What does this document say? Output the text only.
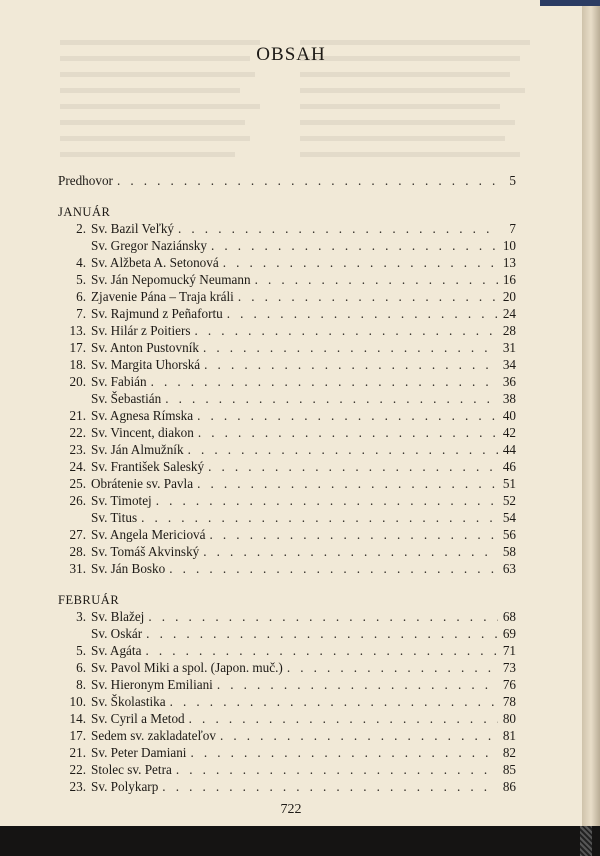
OBSAH
Predhovor . . .	5
JANUÁR
2. Sv. Bazil Veľký . . .	7
Sv. Gregor Naziánsky . . .	10
4. Sv. Alžbeta A. Setonová . . .	13
5. Sv. Ján Nepomucký Neumann . . .	16
6. Zjavenie Pána – Traja králi . . .	20
7. Sv. Rajmund z Peñafortu . . .	24
13. Sv. Hilár z Poitiers . . .	28
17. Sv. Anton Pustovník . . .	31
18. Sv. Margita Uhorská . . .	34
20. Sv. Fabián . . .	36
Sv. Šebastián . . .	38
21. Sv. Agnesa Rímska . . .	40
22. Sv. Vincent, diakon . . .	42
23. Sv. Ján Almužník . . .	44
24. Sv. František Saleský . . .	46
25. Obrátenie sv. Pavla . . .	51
26. Sv. Timotej . . .	52
Sv. Titus . . .	54
27. Sv. Angela Mericiová . . .	56
28. Sv. Tomáš Akvinský . . .	58
31. Sv. Ján Bosko . . .	63
FEBRUÁR
3. Sv. Blažej . . .	68
Sv. Oskár . . .	69
5. Sv. Agáta . . .	71
6. Sv. Pavol Miki a spol. (Japon. muč.) . . .	73
8. Sv. Hieronym Emiliani . . .	76
10. Sv. Školastika . . .	78
14. Sv. Cyril a Metod . . .	80
17. Sedem sv. zakladateľov . . .	81
21. Sv. Peter Damiani . . .	82
22. Stolec sv. Petra . . .	85
23. Sv. Polykarp . . .	86
722
